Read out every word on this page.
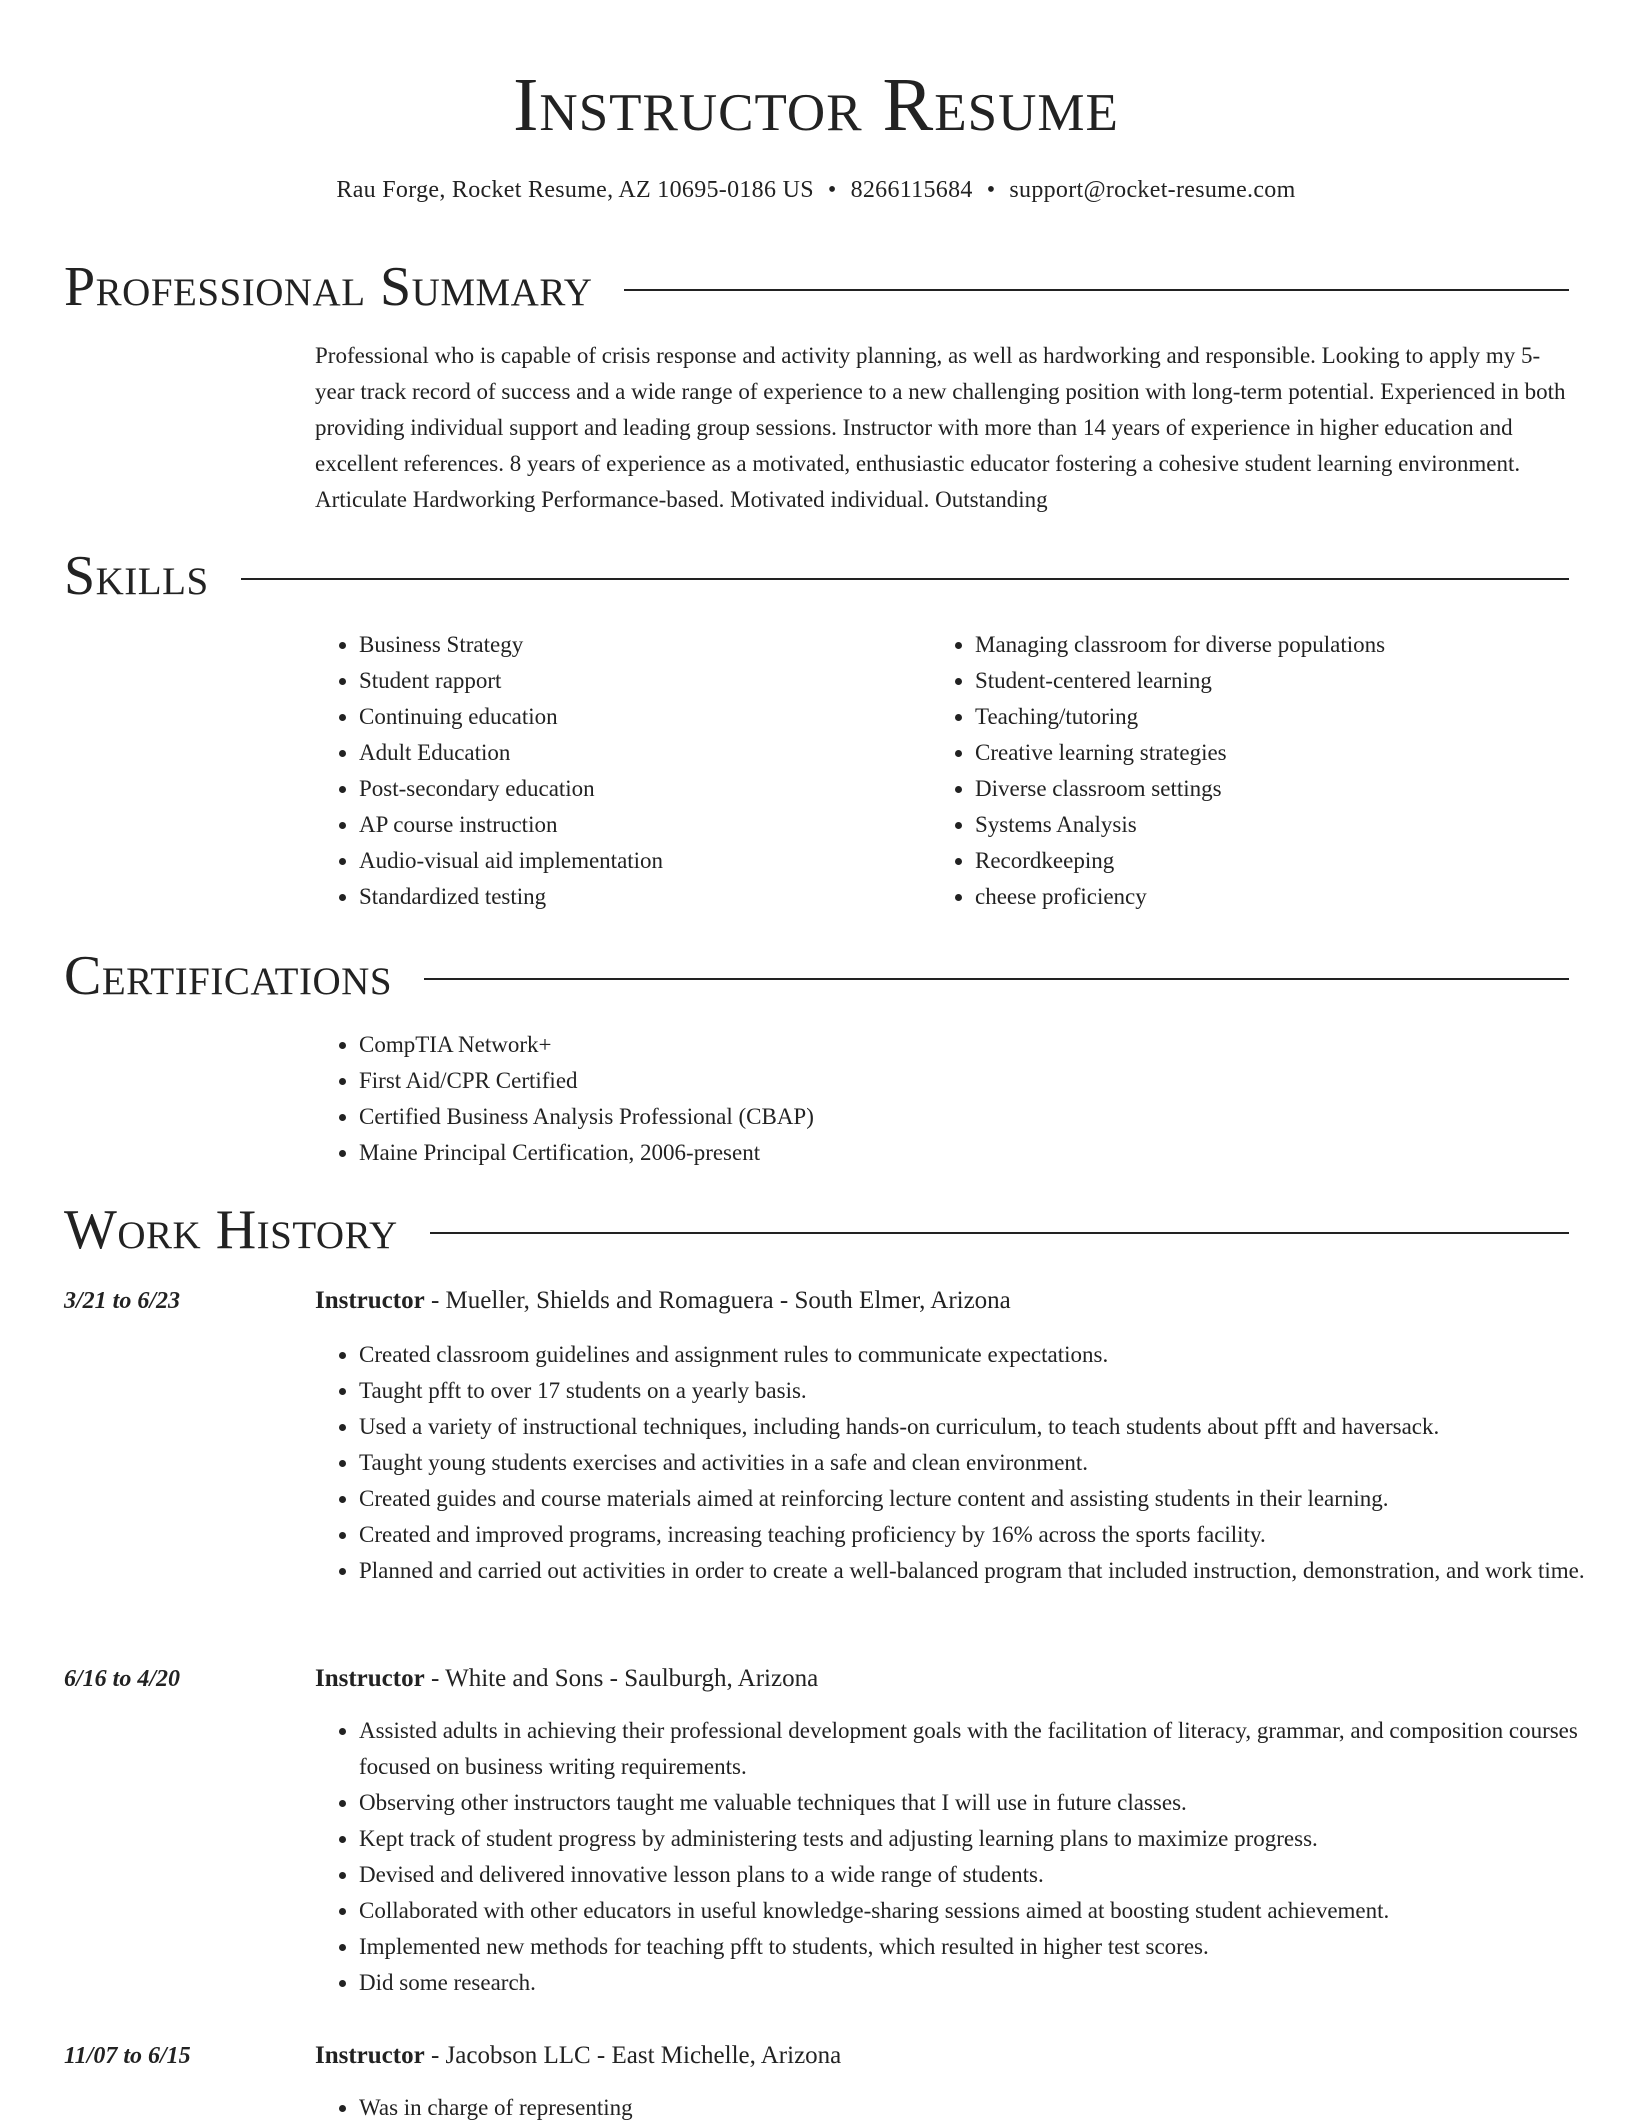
Instructor Resume
Rau Forge, Rocket Resume, AZ 10695-0186 US • 8266115684 • support@rocket-resume.com
Professional Summary

Professional who is capable of crisis response and activity planning, as well as hardworking and responsible. Looking to apply my 5-year track record of success and a wide range of experience to a new challenging position with long-term potential. Experienced in both providing individual support and leading group sessions. Instructor with more than 14 years of experience in higher education and excellent references. 8 years of experience as a motivated, enthusiastic educator fostering a cohesive student learning environment. Articulate Hardworking Performance-based. Motivated individual. Outstanding

Skills
• Business Strategy
• Student rapport
• Continuing education
• Adult Education
• Post-secondary education
• AP course instruction
• Audio-visual aid implementation
• Standardized testing
• Managing classroom for diverse populations
• Student-centered learning
• Teaching/tutoring
• Creative learning strategies
• Diverse classroom settings
• Systems Analysis
• Recordkeeping
• cheese proficiency
Certifications
• CompTIA Network+
• First Aid/CPR Certified
• Certified Business Analysis Professional (CBAP)
• Maine Principal Certification, 2006-present
Work History
3/21 to 6/23	Instructor - Mueller, Shields and Romaguera - South Elmer, Arizona
• Created classroom guidelines and assignment rules to communicate expectations.
• Taught pfft to over 17 students on a yearly basis.
• Used a variety of instructional techniques, including hands-on curriculum, to teach students about pfft and haversack.
• Taught young students exercises and activities in a safe and clean environment.
• Created guides and course materials aimed at reinforcing lecture content and assisting students in their learning.
• Created and improved programs, increasing teaching proficiency by 16% across the sports facility.
• Planned and carried out activities in order to create a well-balanced program that included instruction, demonstration, and work time.
6/16 to 4/20	Instructor - White and Sons - Saulburgh, Arizona
• Assisted adults in achieving their professional development goals with the facilitation of literacy, grammar, and composition courses focused on business writing requirements.
• Observing other instructors taught me valuable techniques that I will use in future classes.
• Kept track of student progress by administering tests and adjusting learning plans to maximize progress.
• Devised and delivered innovative lesson plans to a wide range of students.
• Collaborated with other educators in useful knowledge-sharing sessions aimed at boosting student achievement.
• Implemented new methods for teaching pfft to students, which resulted in higher test scores.
• Did some research.
11/07 to 6/15	Instructor - Jacobson LLC - East Michelle, Arizona
• Was in charge of representing
